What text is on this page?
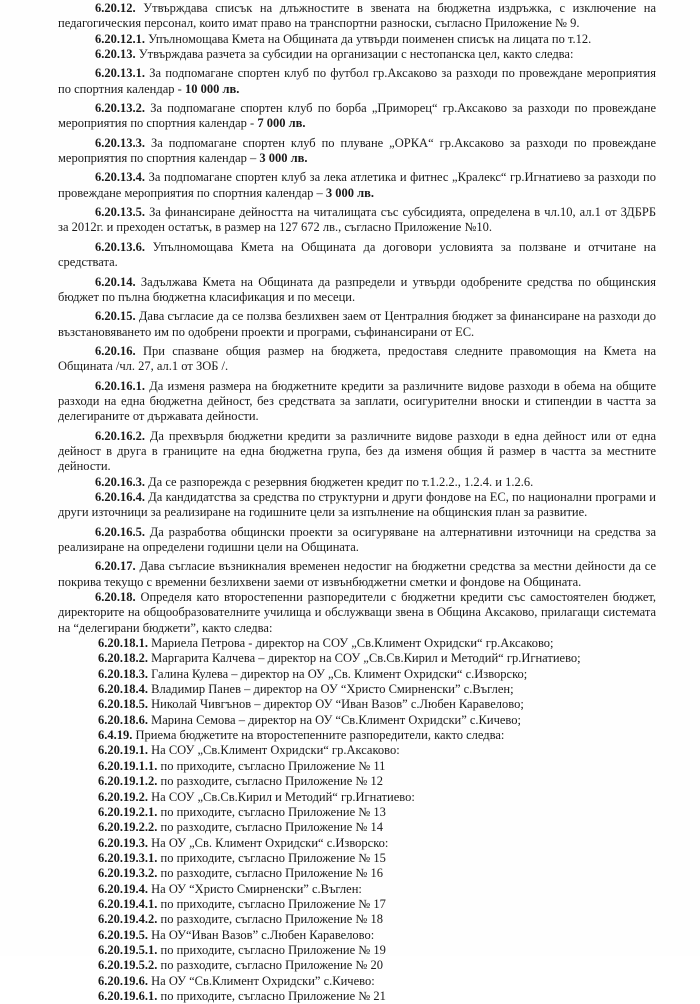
6.20.12. Утвърждава списък на длъжностите в звената на бюджетна издръжка, с изключение на педагогическия персонал, които имат право на транспортни разноски, съгласно Приложение № 9.

6.20.12.1. Упълномощава Кмета на Общината да утвърди поименен списък на лицата по т.12.

6.20.13. Утвърждава разчета за субсидии на организации с нестопанска цел, както следва:

6.20.13.1. За подпомагане спортен клуб по футбол гр.Аксаково за разходи по провеждане мероприятия по спортния календар - 10 000 лв.

6.20.13.2. За подпомагане спортен клуб по борба „Приморец“ гр.Аксаково за разходи по провеждане мероприятия по спортния календар - 7 000 лв.

6.20.13.3. За подпомагане спортен клуб по плуване „ОРКА“ гр.Аксаково за разходи по провеждане мероприятия по спортния календар – 3 000 лв.

6.20.13.4. За подпомагане спортен клуб за лека атлетика и фитнес „Кралекс“ гр.Игнатиево за разходи по провеждане мероприятия по спортния календар – 3 000 лв.

6.20.13.5. За финансиране дейността на читалищата със субсидията, определена в чл.10, ал.1 от ЗДБРБ за 2012г. и преходен остатък, в размер на 127 672 лв., съгласно Приложение №10.

6.20.13.6. Упълномощава Кмета на Общината да договори условията за ползване и отчитане на средствата.

6.20.14. Задължава Кмета на Общината да разпредели и утвърди одобрените средства по общинския бюджет по пълна бюджетна класификация и по месеци.

6.20.15. Дава съгласие да се ползва безлихвен заем от Централния бюджет за финансиране на разходи до възстановяването им по одобрени проекти и програми, съфинансирани от ЕС.

6.20.16. При спазване общия размер на бюджета, предоставя следните правомощия на Кмета на Общината /чл. 27, ал.1 от ЗОБ /.

6.20.16.1. Да изменя размера на бюджетните кредити за различните видове разходи в обема на общите разходи на една бюджетна дейност, без средствата за заплати, осигурителни вноски и стипендии в частта за делегираните от държавата дейности.

6.20.16.2. Да прехвърля бюджетни кредити за различните видове разходи в една дейност или от една дейност в друга в границите на една бюджетна група, без да изменя общия й размер в частта за местните дейности.

6.20.16.3. Да се разпорежда с резервния бюджетен кредит по т.1.2.2., 1.2.4. и 1.2.6.

6.20.16.4. Да кандидатства за средства по структурни и други фондове на ЕС, по национални програми и други източници за реализиране на годишните цели за изпълнение на общинския план за развитие.

6.20.16.5. Да разработва общински проекти за осигуряване на алтернативни източници на средства за реализиране на определени годишни цели на Общината.

6.20.17. Дава съгласие възникналия временен недостиг на бюджетни средства за местни дейности да се покрива текущо с временни безлихвени заеми от извънбюджетни сметки и фондове на Общината.

6.20.18. Определя като второстепенни разпоредители с бюджетни кредити със самостоятелен бюджет, директорите на общообразователните училища и обслужващи звена в Община Аксаково, прилагащи системата на “делегирани бюджети”, както следва:

6.20.18.1. Мариела Петрова - директор на СОУ „Св.Климент Охридски“ гр.Аксаково;
6.20.18.2. Маргарита Калчева – директор на СОУ „Св.Св.Кирил и Методий“ гр.Игнатиево;
6.20.18.3. Галина Кулева – директор на ОУ „Св. Климент Охридски“ с.Изворско;
6.20.18.4. Владимир Панев – директор на ОУ “Христо Смирненски” с.Въглен;
6.20.18.5. Николай Чивгънов – директор ОУ “Иван Вазов” с.Любен Каравелово;
6.20.18.6. Марина Семова – директор на ОУ “Св.Климент Охридски” с.Кичево;
6.4.19. Приема бюджетите на второстепенните разпоредители, както следва:
6.20.19.1. На СОУ „Св.Климент Охридски“ гр.Аксаково:
6.20.19.1.1. по приходите, съгласно Приложение № 11
6.20.19.1.2. по разходите, съгласно Приложение № 12
6.20.19.2. На СОУ „Св.Св.Кирил и Методий“ гр.Игнатиево:
6.20.19.2.1. по приходите, съгласно Приложение № 13
6.20.19.2.2. по разходите, съгласно Приложение № 14
6.20.19.3. На ОУ „Св. Климент Охридски“ с.Изворско:
6.20.19.3.1. по приходите, съгласно Приложение № 15
6.20.19.3.2. по разходите, съгласно Приложение № 16
6.20.19.4. На ОУ “Христо Смирненски” с.Въглен:
6.20.19.4.1. по приходите, съгласно Приложение № 17
6.20.19.4.2. по разходите, съгласно Приложение № 18
6.20.19.5. На ОУ“Иван Вазов” с.Любен Каравелово:
6.20.19.5.1. по приходите, съгласно Приложение № 19
6.20.19.5.2. по разходите, съгласно Приложение № 20
6.20.19.6. На ОУ “Св.Климент Охридски” с.Кичево:
6.20.19.6.1. по приходите, съгласно Приложение № 21
